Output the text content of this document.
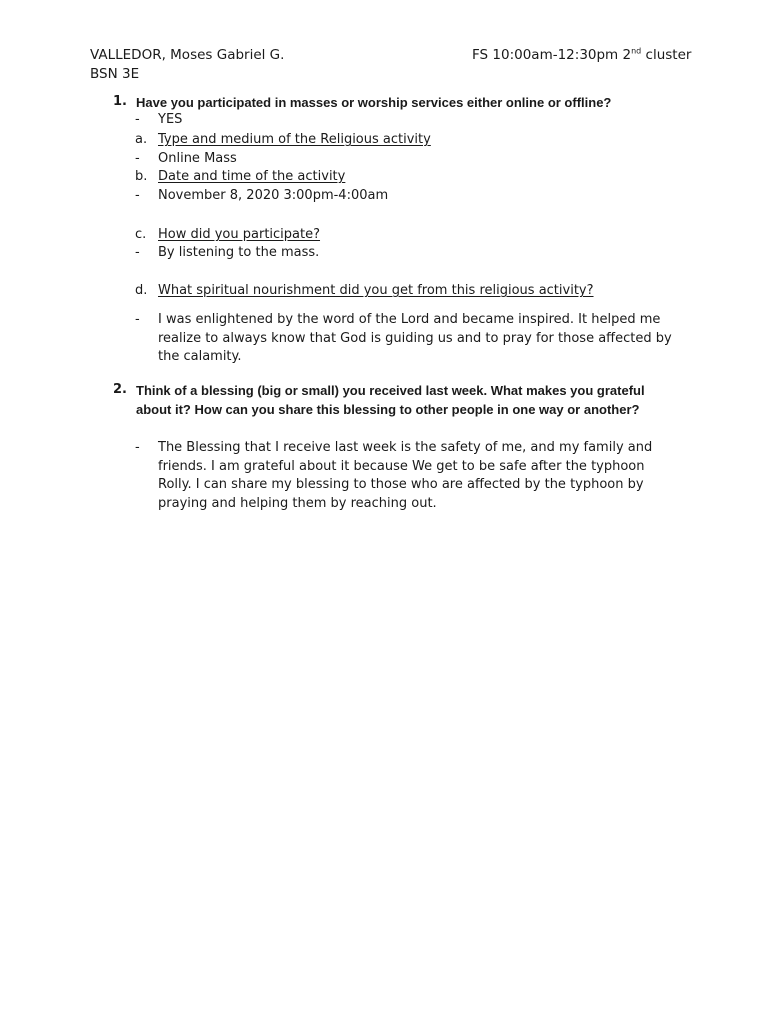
VALLEDOR, Moses Gabriel G.	FS 10:00am-12:30pm 2nd cluster
BSN 3E
1. Have you participated in masses or worship services either online or offline?
- YES
a. Type and medium of the Religious activity
- Online Mass
b. Date and time of the activity
- November 8, 2020 3:00pm-4:00am
c. How did you participate?
- By listening to the mass.
d. What spiritual nourishment did you get from this religious activity?
- I was enlightened by the word of the Lord and became inspired. It helped me realize to always know that God is guiding us and to pray for those affected by the calamity.
2. Think of a blessing (big or small) you received last week. What makes you grateful about it? How can you share this blessing to other people in one way or another?
- The Blessing that I receive last week is the safety of me, and my family and friends. I am grateful about it because We get to be safe after the typhoon Rolly. I can share my blessing to those who are affected by the typhoon by praying and helping them by reaching out.
